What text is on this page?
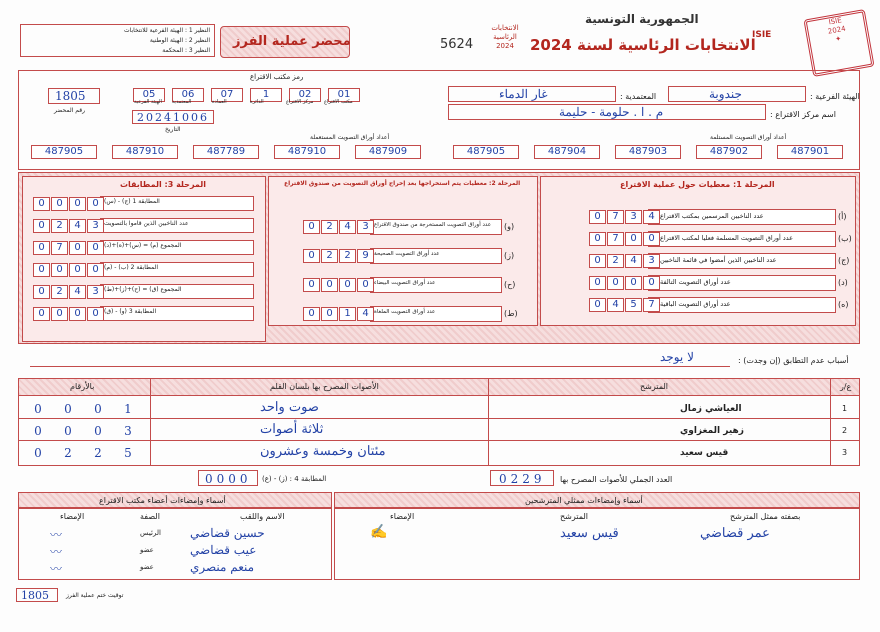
الجمهورية التونسية
الانتخابات الرئاسية لسنة 2024
الانتخابات الرئاسية 2024
5624
محضر عملية الفرز
النظير 1 : الهيئة الفرعية للانتخابات
النظير 2 : الهيئة الوطنية
النظير 3 : المحكمة
ISIE
2024
✦
ISIE
الهيئة الفرعية :
جندوبة
المعتمدية :
غار الدماء
اسم مركز الاقتراع :
م . ا . حلومة - حليمة
رمز مكتب الاقتراع
05	06	07	1	02	01
الهيئة الفرعية المعتمدية	العمادة	الدائرة	مركز الاقتراع مكتب الاقتراع
20241006
التاريخ
1805
رقم المحضر
أعداد أوراق التصويت المستلمة
487905	487904	487903	487902	487901
أعداد أوراق التصويت المستعملة
487905	487910	487789	487910	487909
المرحلة 1: معطيات حول عملية الاقتراع
(أ)
عدد الناخبين المرسمين بمكتب الاقتراع
0	7	3	4
(ب)
عدد أوراق التصويت المسلمة فعليا لمكتب الاقتراع
0	7	0	0
(ج)
عدد الناخبين الذين أمضوا في قائمة الناخبين
0	2	4	3
(د)
عدد أوراق التصويت التالفة
0	0	0	0
(ه)
عدد أوراق التصويت الباقية
0	4	5	7
المرحلة 2: معطيات يتم استخراجها بعد إخراج أوراق التصويت من صندوق الاقتراع
(و)
عدد أوراق التصويت المستخرجة من صندوق الاقتراع
0	2	4	3
(ز)
عدد أوراق التصويت الصحيحة
0	2	2	9
(ح)
عدد أوراق التصويت البيضاء
0	0	0	0
(ط)
عدد أوراق التصويت الملغاة
0	0	1	4
المرحلة 3: المطابقات
المطابقة 1 (ج) - (س)
0	0	0	0
عدد الناخبين الذين قاموا بالتصويت
0	2	4	3
المجموع (م) = (س)+(ه)+(د)
0	7	0	0
المطابقة 2 (ب) - (م)
0	0	0	0
المجموع (ق) = (ح)+(ز)+(ط)
0	2	4	3
المطابقة 3 (و) - (ق)
0	0	0	0
أسباب عدم التطابق (إن وجدت) :
لا يوجد
ع/ر
المترشح
الأصوات المصرح بها بلسان القلم
بالأرقام
1
العياشي زمال
صوت واحد
0	0	0	1
2
زهير المغزاوي
ثلاثة أصوات
0	0	0	3
3
قيس سعيد
مئتان وخمسة وعشرون
0	2	2	5
العدد الجملي للأصوات المصرح بها
0229
المطابقة 4 : (ز) - (ع)
0000
أسماء وإمضاءات ممثلي المترشحين
بصفته ممثل المترشح
المترشح
الإمضاء
عمر قضاضي
قيس سعيد
✍
أسماء وإمضاءات أعضاء مكتب الاقتراع
الاسم واللقب
الصفة
الإمضاء
حسين قضاضي
الرئيس
〰
عيب قضاضي
عضو
〰
منعم منصري
عضو
〰
1805	توقيت ختم عملية الفرز
